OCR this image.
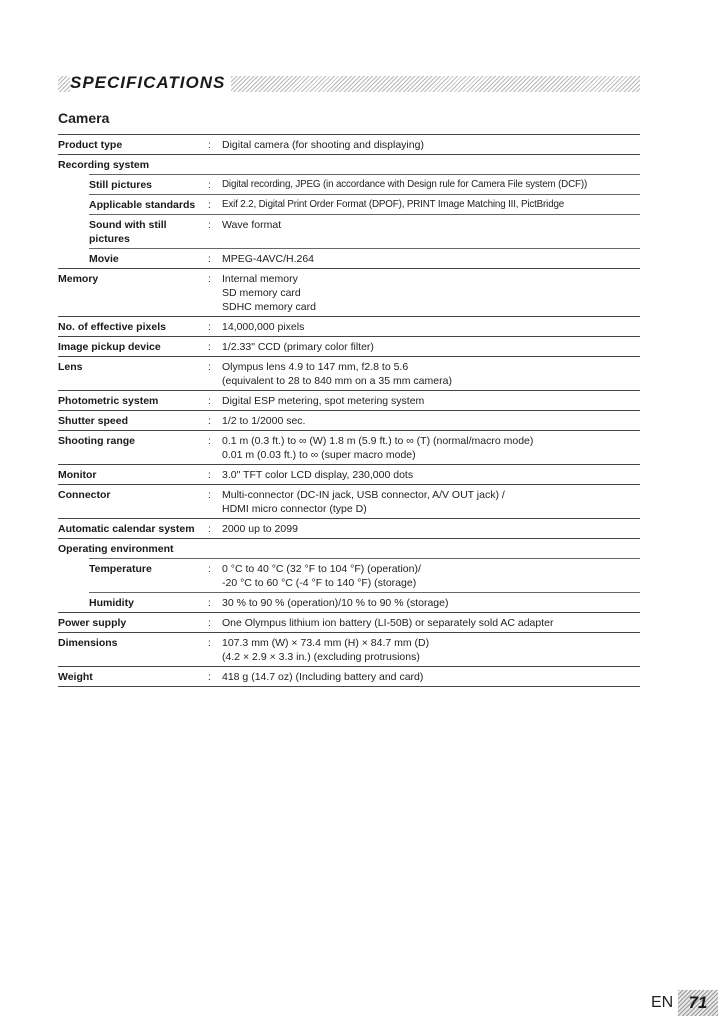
SPECIFICATIONS
Camera
Product type	:	Digital camera (for shooting and displaying)
Recording system
Still pictures	:	Digital recording, JPEG (in accordance with Design rule for Camera File system (DCF))
Applicable standards	:	Exif 2.2, Digital Print Order Format (DPOF), PRINT Image Matching III, PictBridge
Sound with still pictures
:	Wave format
Movie	:	MPEG-4AVC/H.264
Memory	:	Internal memory
SD memory card
SDHC memory card
No. of effective pixels	:	14,000,000 pixels
Image pickup device	:	1/2.33" CCD (primary color filter)
Lens	:	Olympus lens 4.9 to 147 mm, f2.8 to 5.6
(equivalent to 28 to 840 mm on a 35 mm camera)
Photometric system	:	Digital ESP metering, spot metering system
Shutter speed	:	1/2 to 1/2000 sec.
Shooting range	:	0.1 m (0.3 ft.) to ∞ (W) 1.8 m (5.9 ft.) to ∞ (T) (normal/macro mode)
0.01 m (0.03 ft.) to ∞ (super macro mode)
Monitor	:	3.0" TFT color LCD display, 230,000 dots
Connector	:	Multi-connector (DC-IN jack, USB connector, A/V OUT jack) /
HDMI micro connector (type D)
Automatic calendar system	:	2000 up to 2099
Operating environment
Temperature	:	0 °C to 40 °C (32 °F to 104 °F) (operation)/
-20 °C to 60 °C (-4 °F to 140 °F) (storage)
Humidity	:	30 % to 90 % (operation)/10 % to 90 % (storage)
Power supply	:	One Olympus lithium ion battery (LI-50B) or separately sold AC adapter
Dimensions	:	107.3 mm (W) × 73.4 mm (H) × 84.7 mm (D)
(4.2 × 2.9 × 3.3 in.) (excluding protrusions)
Weight	:	418 g (14.7 oz) (Including battery and card)
EN 71
